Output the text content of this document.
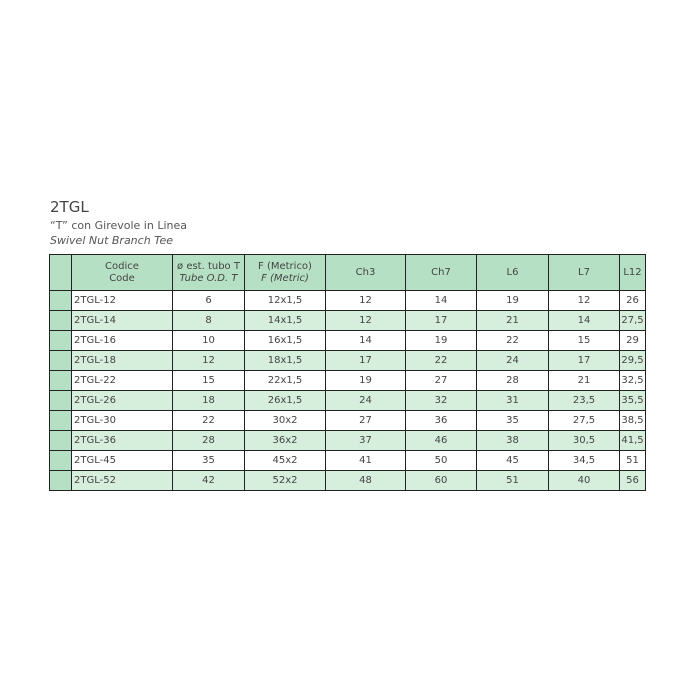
2TGL
“T” con Girevole in Linea
Swivel Nut Branch Tee

	Codice
Code	ø est. tubo T
Tube O.D. T	F (Metrico)
F (Metric)	Ch3	Ch7	L6	L7	L12
	2TGL-12	6	12x1,5	12	14	19	12	26
	2TGL-14	8	14x1,5	12	17	21	14	27,5
	2TGL-16	10	16x1,5	14	19	22	15	29
	2TGL-18	12	18x1,5	17	22	24	17	29,5
	2TGL-22	15	22x1,5	19	27	28	21	32,5
	2TGL-26	18	26x1,5	24	32	31	23,5	35,5
	2TGL-30	22	30x2	27	36	35	27,5	38,5
	2TGL-36	28	36x2	37	46	38	30,5	41,5
	2TGL-45	35	45x2	41	50	45	34,5	51
	2TGL-52	42	52x2	48	60	51	40	56
